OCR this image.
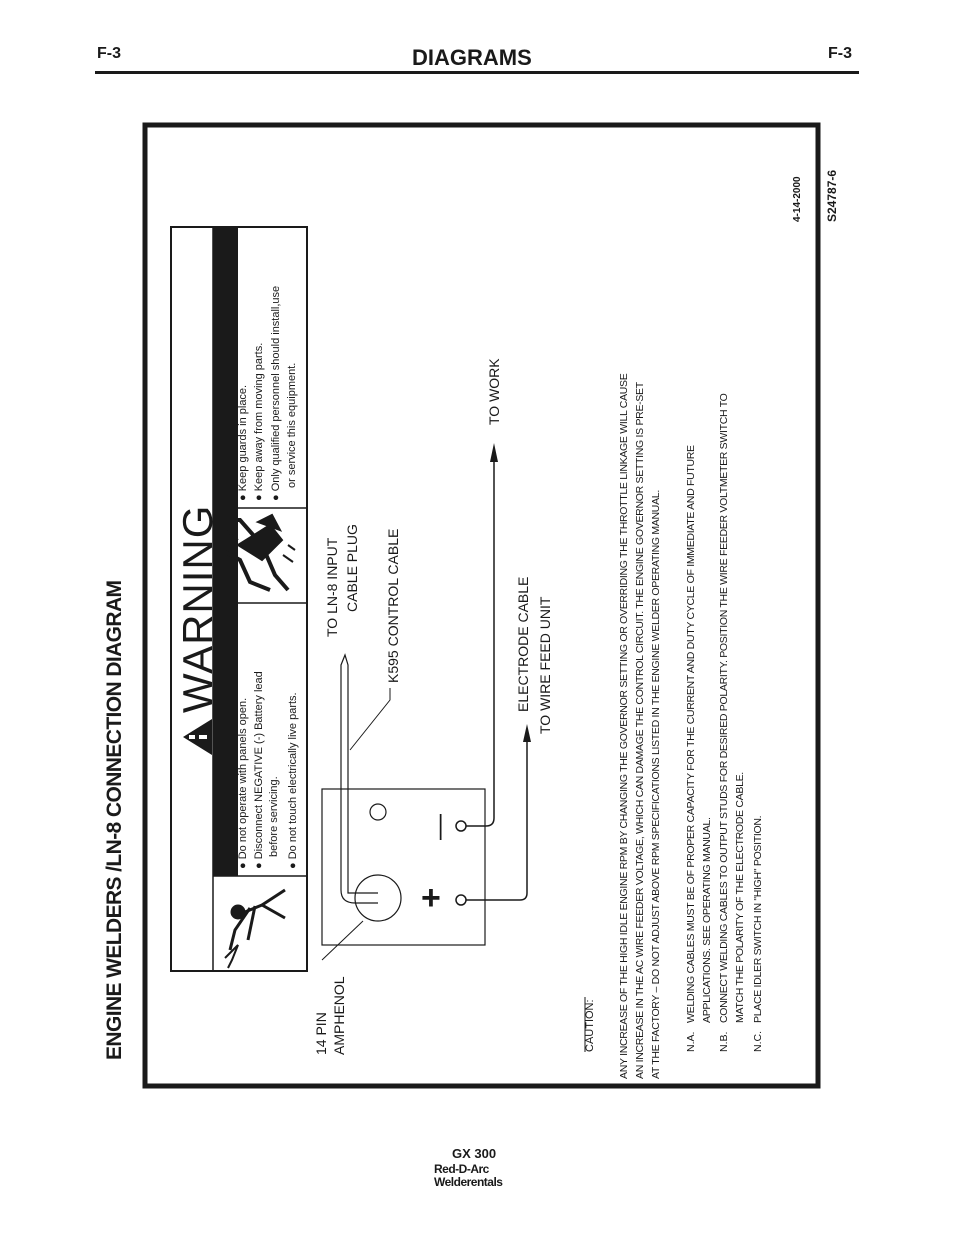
F-3	DIAGRAMS	F-3
ENGINE WELDERS /LN-8 CONNECTION DIAGRAM WARNING
● Do not operate with panels open.
● Disconnect NEGATIVE (-) Battery lead before servicing.
● Do not touch electrically live parts.
● Keep guards in place.
● Keep away from moving parts.
● Only qualified personnel should install,use or service this equipment.
14 PIN AMPHENOL
TO LN-8 INPUT CABLE PLUG K595 CONTROL CABLE	ELECTRODE CABLE TO WIRE FEED UNIT
TO WORK
+
—
4-14-2000 S24787-6
CAUTION: ANY INCREASE OF THE HIGH IDLE ENGINE RPM BY CHANGING THE GOVERNOR SETTING OR OVERRIDING THE THROTTLE LINKAGE WILL CAUSE AN INCREASE IN THE AC WIRE FEEDER VOLTAGE, WHICH CAN DAMAGE THE CONTROL CIRCUIT. THE ENGINE GOVERNOR SETTING IS PRE-SET AT THE FACTORY – DO NOT ADJUST ABOVE RPM SPECIFICATIONS LISTED IN THE ENGINE WELDER OPERATING MANUAL. N.A.
WELDING CABLES MUST BE OF PROPER CAPACITY FOR THE CURRENT AND DUTY CYCLE OF IMMEDIATE AND FUTURE APPLICATIONS. SEE OPERATING MANUAL.
N.B.
CONNECT WELDING CABLES TO OUTPUT STUDS FOR DESIRED POLARITY. POSITION THE WIRE FEEDER VOLTMETER SWITCH TO MATCH THE POLARITY OF THE ELECTRODE CABLE.
N.C.
PLACE IDLER SWITCH IN "HIGH" POSITION.
GX 300
Red-D-Arc
Welderentals
